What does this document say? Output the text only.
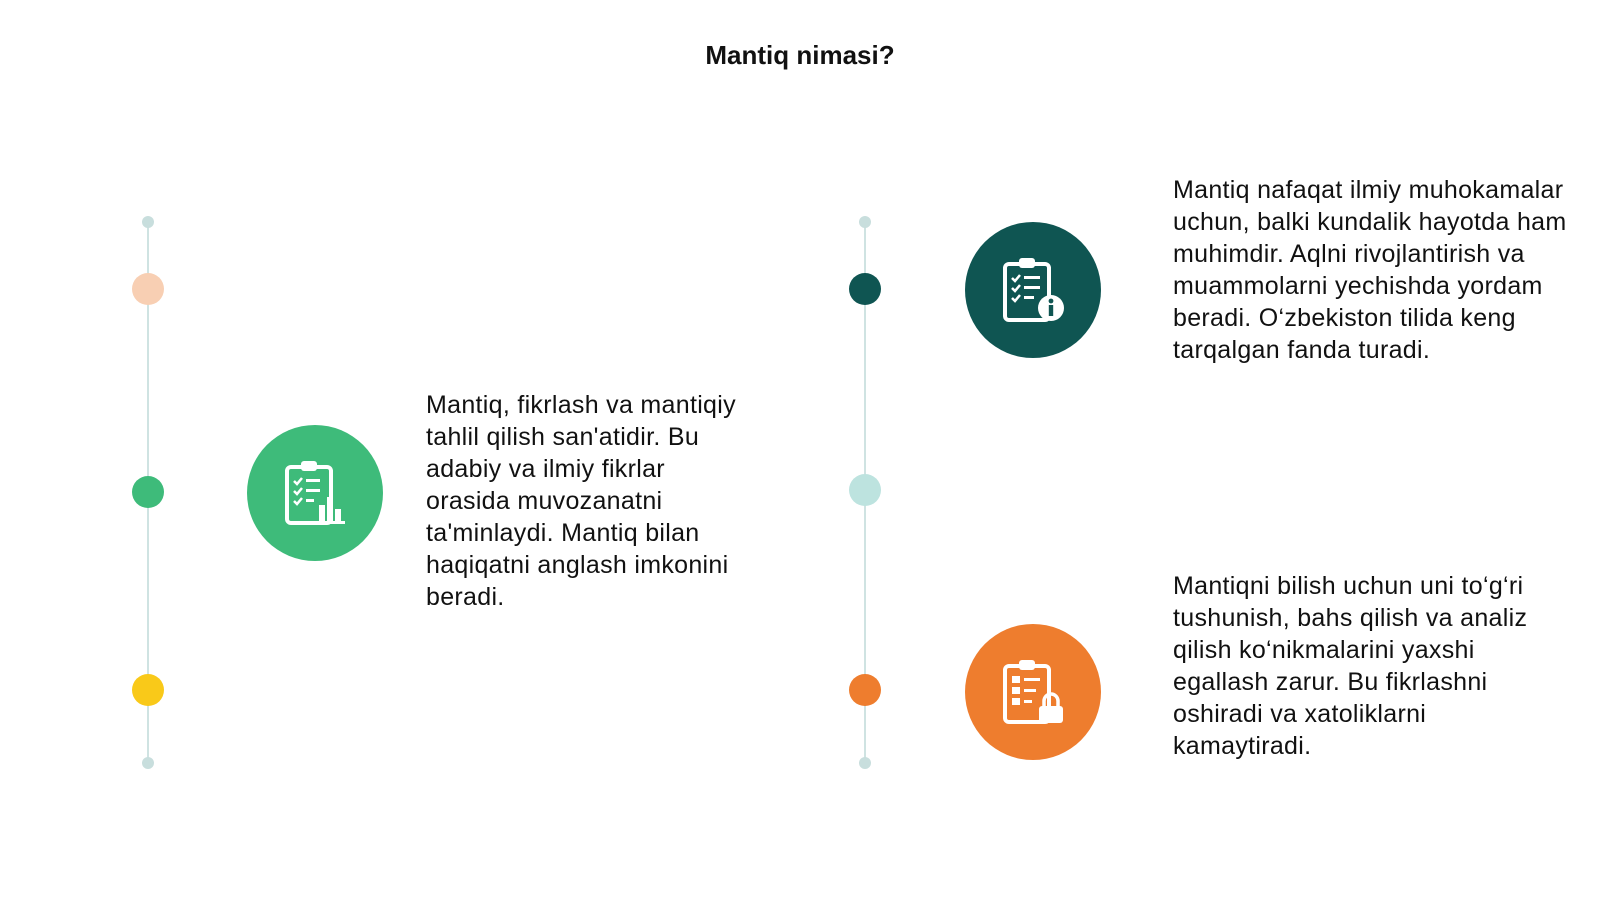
Mantiq nimasi?
Mantiq, fikrlash va mantiqiy tahlil qilish san'atidir. Bu adabiy va ilmiy fikrlar orasida muvozanatni ta'minlaydi. Mantiq bilan haqiqatni anglash imkonini beradi.
Mantiq nafaqat ilmiy muhokamalar uchun, balki kundalik hayotda ham muhimdir. Aqlni rivojlantirish va muammolarni yechishda yordam beradi. O‘zbekiston tilida keng tarqalgan fanda turadi.
Mantiqni bilish uchun uni to‘g‘ri tushunish, bahs qilish va analiz qilish ko‘nikmalarini yaxshi egallash zarur. Bu fikrlashni oshiradi va xatoliklarni kamaytiradi.
